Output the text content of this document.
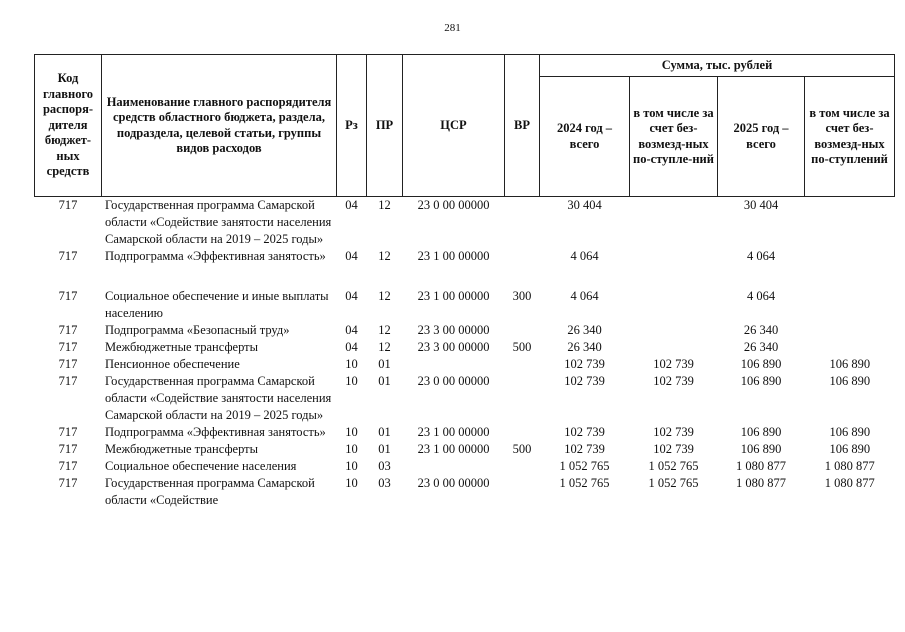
281
Код главного распоря-дителя бюджет-ных средств	Наименование главного распорядителя средств областного бюджета, раздела, подраздела, целевой статьи, группы видов расходов	Рз	ПР	ЦСР	ВР	Сумма, тыс. рублей			
						2024 год – всего	в том числе за счет без-возмезд-ных по-ступле-ний	2025 год – всего	в том числе за счет без-возмезд-ных по-ступлений
717	Государственная программа Самарской области «Содействие занятости населения Самарской области на 2019 – 2025 годы»	04	12	23 0 00 00000		30 404		30 404	
717	Подпрограмма «Эффективная занятость»	04	12	23 1 00 00000		4 064		4 064	
717	Социальное обеспечение и иные выплаты населению	04	12	23 1 00 00000	300	4 064		4 064	
717	Подпрограмма «Безопасный труд»	04	12	23 3 00 00000		26 340		26 340	
717	Межбюджетные трансферты	04	12	23 3 00 00000	500	26 340		26 340	
717	Пенсионное обеспечение	10	01			102 739	102 739	106 890	106 890
717	Государственная программа Самарской области «Содействие занятости населения Самарской области на 2019 – 2025 годы»	10	01	23 0 00 00000		102 739	102 739	106 890	106 890
717	Подпрограмма «Эффективная занятость»	10	01	23 1 00 00000		102 739	102 739	106 890	106 890
717	Межбюджетные трансферты	10	01	23 1 00 00000	500	102 739	102 739	106 890	106 890
717	Социальное обеспечение населения	10	03			1 052 765	1 052 765	1 080 877	1 080 877
717	Государственная программа Самарской области «Содействие	10	03	23 0 00 00000		1 052 765	1 052 765	1 080 877	1 080 877
